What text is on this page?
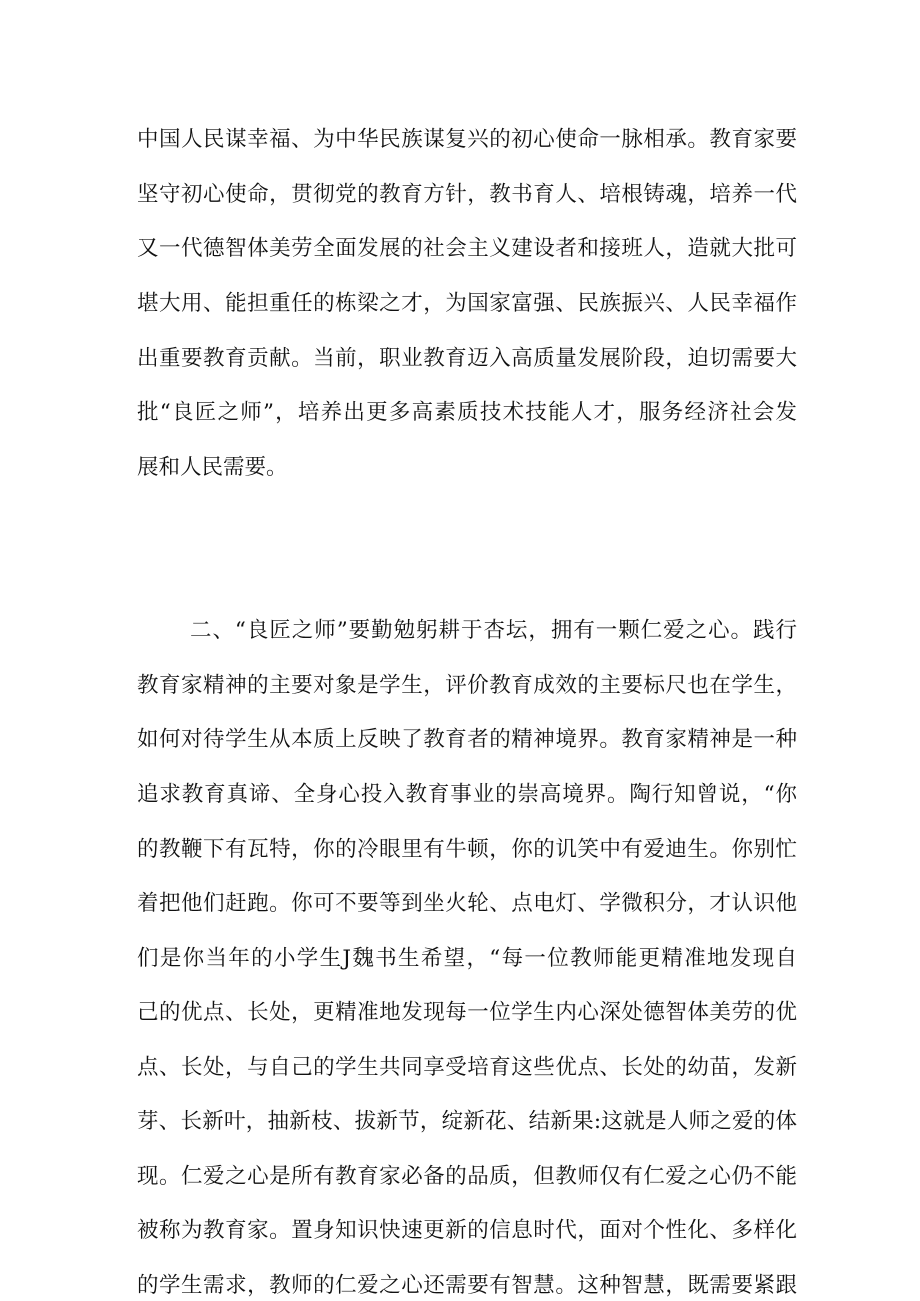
中国人民谋幸福、为中华民族谋复兴的初心使命一脉相承。教育家要
坚守初心使命，贯彻党的教育方针，教书育人、培根铸魂，培养一代
又一代德智体美劳全面发展的社会主义建设者和接班人，造就大批可
堪大用、能担重任的栋梁之才，为国家富强、民族振兴、人民幸福作
出重要教育贡献。当前，职业教育迈入高质量发展阶段，迫切需要大
批“良匠之师”，培养出更多高素质技术技能人才，服务经济社会发
展和人民需要。
二、“良匠之师”要勤勉躬耕于杏坛，拥有一颗仁爱之心。践行
教育家精神的主要对象是学生，评价教育成效的主要标尺也在学生，
如何对待学生从本质上反映了教育者的精神境界。教育家精神是一种
追求教育真谛、全身心投入教育事业的崇高境界。陶行知曾说，“你
的教鞭下有瓦特，你的冷眼里有牛顿，你的讥笑中有爱迪生。你别忙
着把他们赶跑。你可不要等到坐火轮、点电灯、学微积分，才认识他
们是你当年的小学生J魏书生希望，“每一位教师能更精准地发现自
己的优点、长处，更精准地发现每一位学生内心深处德智体美劳的优
点、长处，与自己的学生共同享受培育这些优点、长处的幼苗，发新
芽、长新叶，抽新枝、拔新节，绽新花、结新果:这就是人师之爱的体
现。仁爱之心是所有教育家必备的品质，但教师仅有仁爱之心仍不能
被称为教育家。置身知识快速更新的信息时代，面对个性化、多样化
的学生需求，教师的仁爱之心还需要有智慧。这种智慧，既需要紧跟
